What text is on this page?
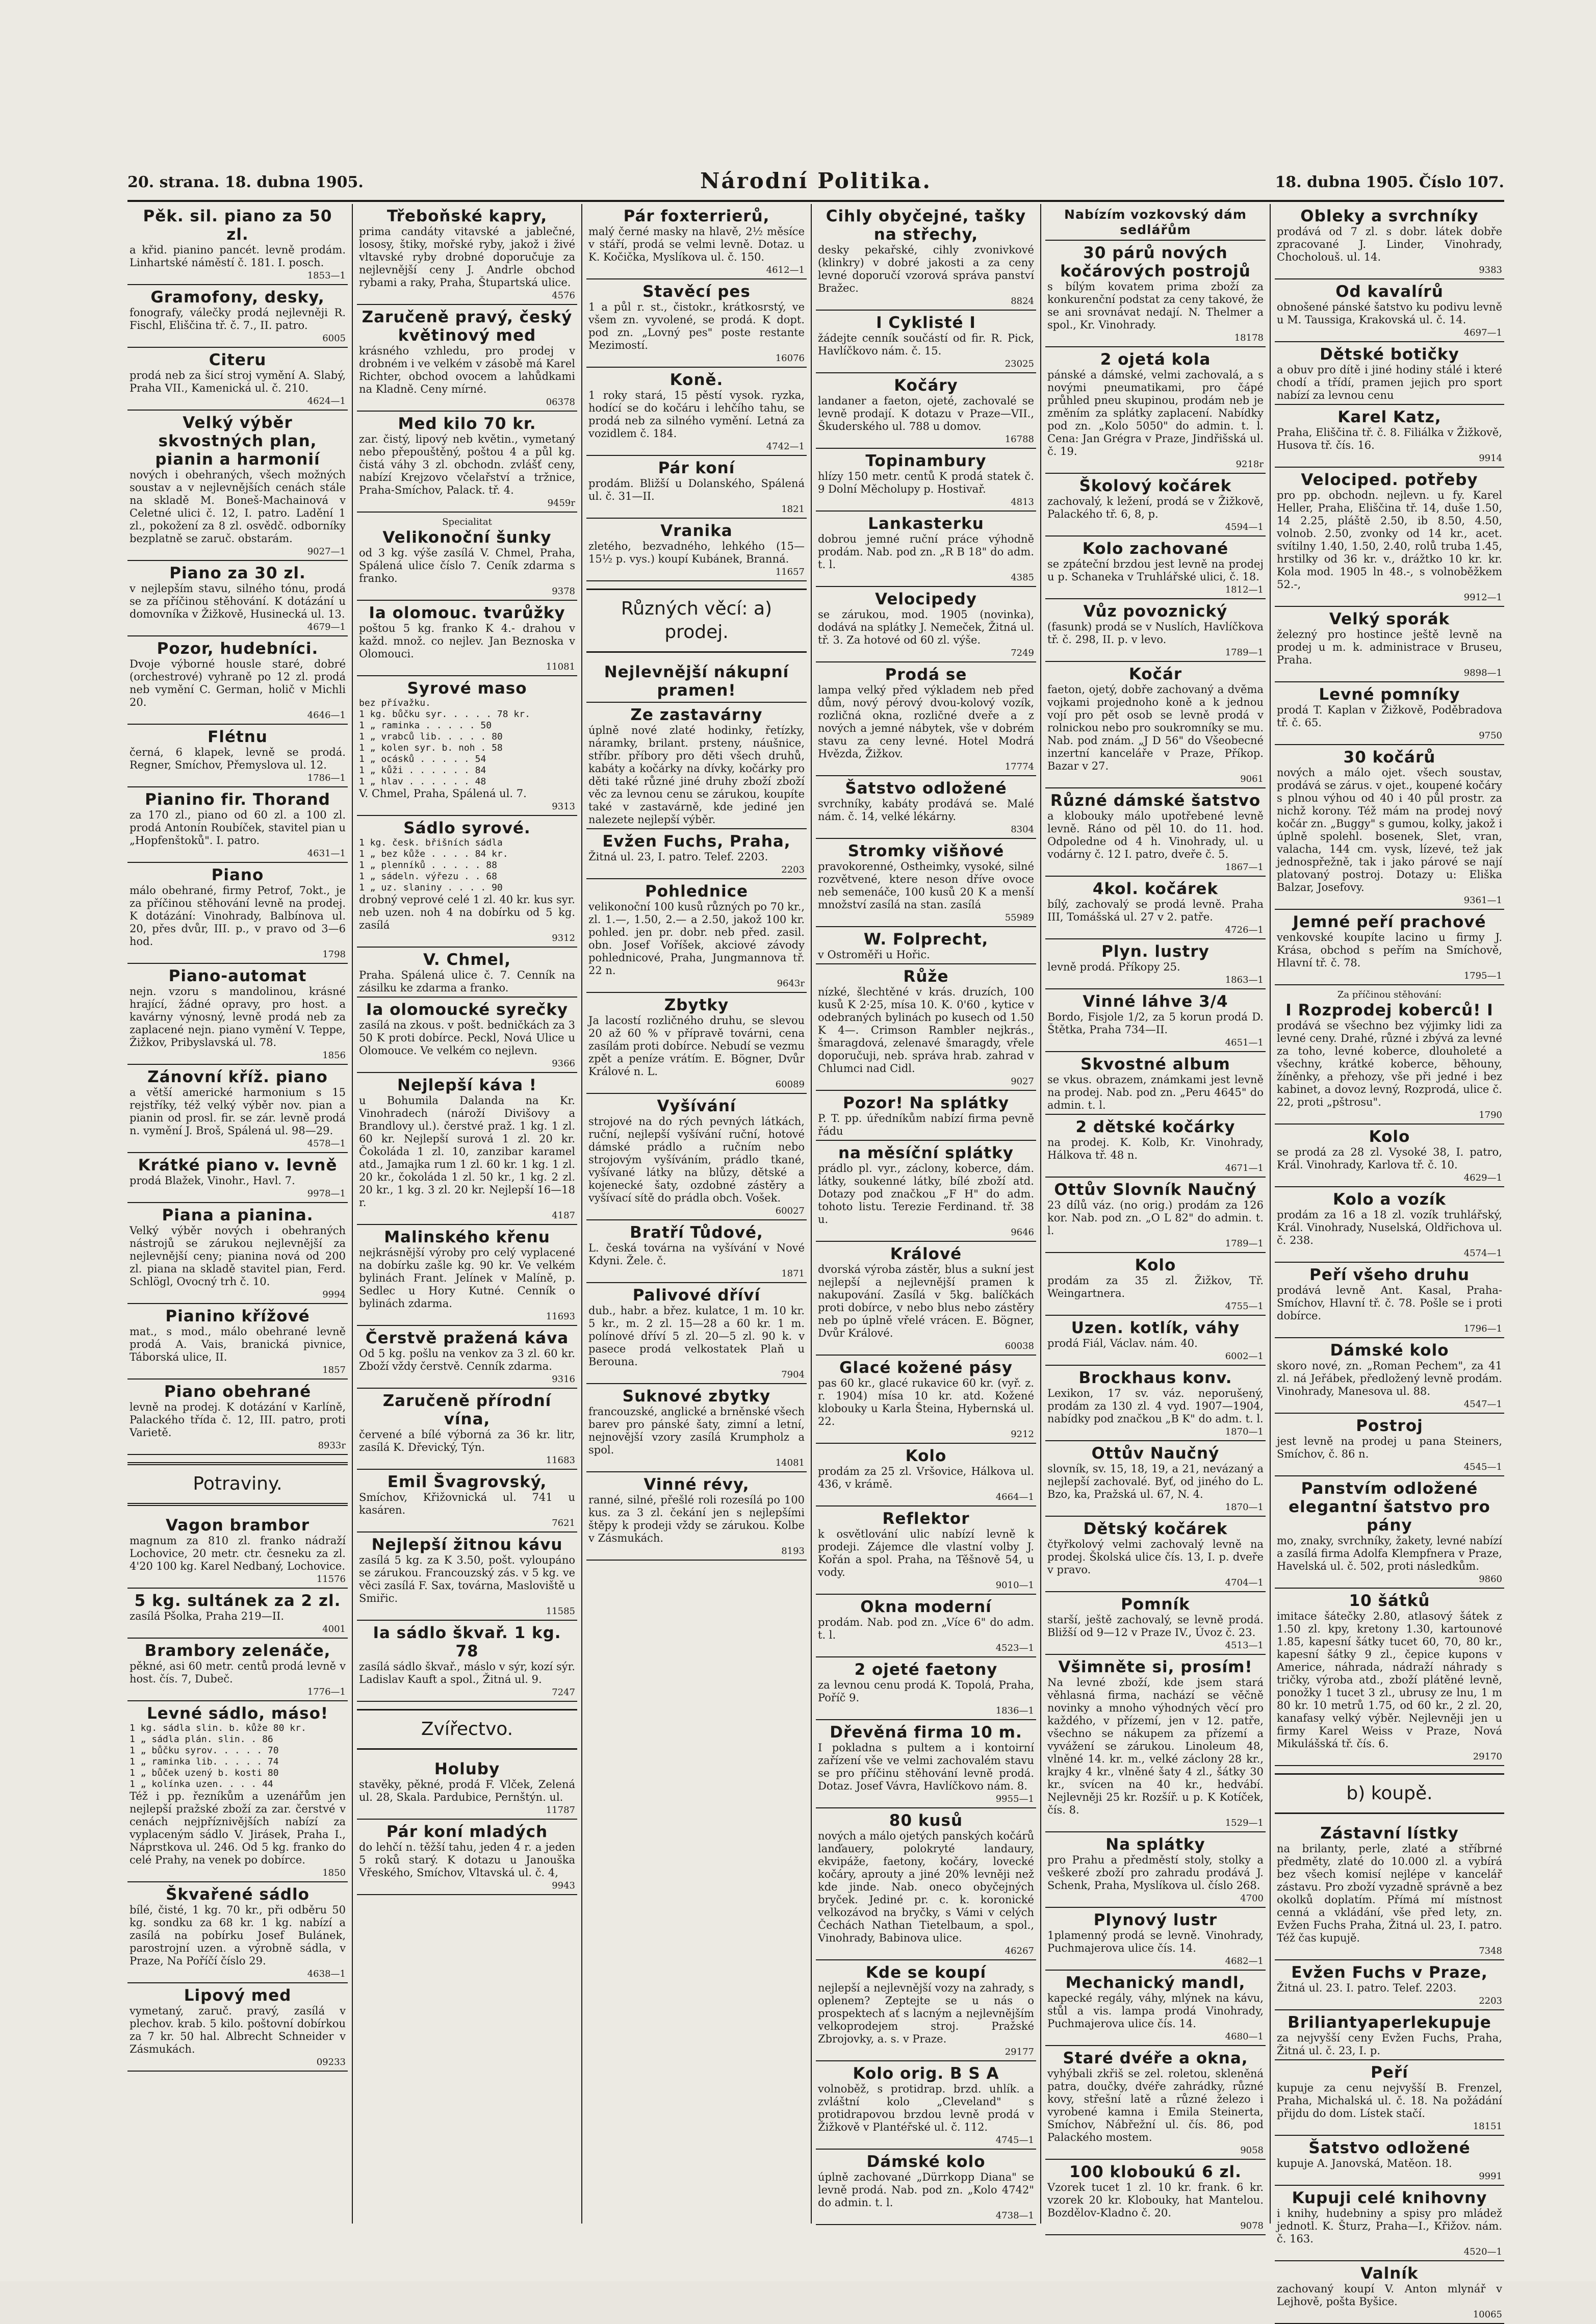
20. strana. 18. dubna 1905.	Národní Politika.	18. dubna 1905. Číslo 107.
Pěk. sil. piano za 50 zl.
a křid. pianino pancét. levně prodám. Linhartské náměstí č. 181. I. posch.
1853—1
Gramofony, desky,
fonografy, válečky prodá nejlevněji R. Fischl, Eliščina tř. č. 7., II. patro.
6005
Citeru
prodá neb za šicí stroj vymění A. Slabý, Praha VII., Kamenická ul. č. 210.
4624—1
Velký výběr skvostných plan, pianin a harmonií
nových i obehraných, všech možných soustav a v nejlevnějších cenách stále na skladě M. Boneš-Machainová v Celetné ulici č. 12, I. patro. Ladění 1 zl., pokožení za 8 zl. osvědč. odborníky bezplatně se zaruč. obstarám.
9027—1
Piano za 30 zl.
v nejlepším stavu, silného tónu, prodá se za příčinou stěhování. K dotázání u domovníka v Žižkově, Husinecká ul. 13.
4679—1
Pozor, hudebníci.
Dvoje výborné housle staré, dobré (orchestrové) vyhraně po 12 zl. prodá neb vymění C. German, holič v Michli 20.
4646—1
Flétnu
černá, 6 klapek, levně se prodá. Regner, Smíchov, Přemyslova ul. 12.
1786—1
Pianino fir. Thorand
za 170 zl., piano od 60 zl. a 100 zl. prodá Antonín Roubíček, stavitel pian u „Hopfenštoků". I. patro.
4631—1
Piano
málo obehrané, firmy Petrof, 7okt., je za příčinou stěhování levně na prodej. K dotázání: Vinohrady, Balbínova ul. 20, přes dvůr, III. p., v pravo od 3—6 hod.
1798
Piano-automat
nejn. vzoru s mandolinou, krásné hrající, žádné opravy, pro host. a kavárny výnosný, levně prodá neb za zaplacené nejn. piano vymění V. Teppe, Žižkov, Pribyslavská ul. 78.
1856
Zánovní kříž. piano
a větší americké harmonium s 15 rejstříky, též velký výběr nov. pian a pianin od prosl. fir. se zár. levně prodá n. vymění J. Broš, Spálená ul. 98—29.
4578—1
Krátké piano v. levně
prodá Blažek, Vinohr., Havl. 7.
9978—1
Piana a pianina.
Velký výběr nových i obehraných nástrojů se zárukou nejlevnější za nejlevnější ceny; pianina nová od 200 zl. piana na skladě stavitel pian, Ferd. Schlögl, Ovocný trh č. 10.
9994
Pianino křížové
mat., s mod., málo obehrané levně prodá A. Vais, branická pivnice, Táborská ulice, II.
1857
Piano obehrané
levně na prodej. K dotázání v Karlíně, Palackého třída č. 12, III. patro, proti Varietě.
8933r
Potraviny.
Vagon brambor
magnum za 810 zl. franko nádraží Lochovice, 20 metr. ctr. česneku za zl. 4'20 100 kg. Karel Nedbaný, Lochovice.
11576
5 kg. sultánek za 2 zl.
zasílá Pšolka, Praha 219—II.
4001
Brambory zelenáče,
pěkné, asi 60 metr. centů prodá levně v host. čís. 7, Dubeč.
1776—1
Levné sádlo, máso!
1 kg. sádla slin. b. kůže 80 kr.
1 „ sádla plán. slin. . 86
1 „ bůčku syrov. . . . . 70
1 „ raminka lib. . . . . 74
1 „ bůček uzený b. kosti 80
1 „ kolínka uzen. . . . 44
Též i pp. řezníkům a uzenářům jen nejlepší pražské zboží za zar. čerstvé v cenách nejpříznivějších nabízí za vyplaceným sádlo V. Jirásek, Praha I., Náprstkova ul. 246. Od 5 kg. franko do celé Prahy, na venek po dobírce.
1850
Škvařené sádlo
bílé, čisté, 1 kg. 70 kr., při odběru 50 kg. sondku za 68 kr. 1 kg. nabízí a zasílá na pobírku Josef Bulánek, parostrojní uzen. a výrobně sádla, v Praze, Na Poříčí číslo 29.
4638—1
Lipový med
vymetaný, zaruč. pravý, zasílá v plechov. krab. 5 kilo. poštovní dobírkou za 7 kr. 50 hal. Albrecht Schneider v Zásmukách.
09233
Třeboňské kapry,
prima candáty vitavské a jablečné, lososy, štiky, mořské ryby, jakož i živé vltavské ryby drobné doporučuje za nejlevnější ceny J. Andrle obchod rybami a raky, Praha, Štupartská ulice.
4576
Zaručeně pravý, český květinový med
krásného vzhledu, pro prodej v drobném i ve velkém v zásobě má Karel Richter, obchod ovocem a lahůdkami na Kladně. Ceny mírné.
06378
Med kilo 70 kr.
zar. čistý, lipový neb květin., vymetaný nebo přepouštěný, poštou 4 a půl kg. čistá váhy 3 zl. obchodn. zvlášť ceny, nabízí Krejzovo včelařství a tržnice, Praha-Smíchov, Palack. tř. 4.
9459r
Specialitat
Velikonoční šunky
od 3 kg. výše zasílá V. Chmel, Praha, Spálená ulice číslo 7. Ceník zdarma s franko.
9378
Ia olomouc. tvarůžky
poštou 5 kg. franko K 4.- drahou v každ. množ. co nejlev. Jan Beznoska v Olomouci.
11081
Syrové maso
bez přívažku.
1 kg. bůčku syr. . . . . 78 kr.
1 „ raminka . . . . . 50
1 „ vrabců lib. . . . . 80
1 „ kolen syr. b. noh . 58
1 „ ocásků . . . . . 54
1 „ kůži . . . . . . 84
1 „ hlav . . . . . . 48
V. Chmel, Praha, Spálená ul. 7.
9313
Sádlo syrové.
1 kg. česk. břišních sádla
1 „ bez kůže . . . . 84 kr.
1 „ plenníků . . . . . 88
1 „ sádeln. výřezu . . 68
1 „ uz. slaniny . . . . 90
drobný veprové celé 1 zl. 40 kr. kus syr. neb uzen. noh 4 na dobírku od 5 kg. zasílá
9312
V. Chmel,
Praha. Spálená ulice č. 7. Cenník na zásilku ke zdarma a franko.
Ia olomoucké syrečky
zasílá na zkous. v pošt. bedničkách za 3 50 K proti dobírce. Peckl, Nová Ulice u Olomouce. Ve velkém co nejlevn.
9366
Nejlepší káva !
u Bohumila Dalanda na Kr. Vinohradech (nároží Divišovy a Brandlovy ul.). čerstvé praž. 1 kg. 1 zl. 60 kr. Nejlepší surová 1 zl. 20 kr. Čokoláda 1 zl. 10, zanzibar karamel atd., Jamajka rum 1 zl. 60 kr. 1 kg. 1 zl. 20 kr., čokoláda 1 zl. 50 kr., 1 kg. 2 zl. 20 kr., 1 kg. 3 zl. 20 kr. Nejlepší 16—18 r.
4187
Malinského křenu
nejkrásnější výroby pro celý vyplacené na dobírku zašle kg. 90 kr. Ve velkém bylinách Frant. Jelínek v Malíně, p. Sedlec u Hory Kutné. Cenník o bylinách zdarma.
11693
Čerstvě pražená káva
Od 5 kg. pošlu na venkov za 3 zl. 60 kr. Zboží vždy čerstvě. Cenník zdarma.
9316
Zaručeně přírodní vína,
červené a bílé výborná za 36 kr. litr, zasílá K. Dřevický, Týn.
11683
Emil Švagrovský,
Smíchov, Křižovnická ul. 741 u kasáren.
7621
Nejlepší žitnou kávu
zasílá 5 kg. za K 3.50, pošt. vyloupáno se zárukou. Francouzský zás. v 5 kg. ve věci zasílá F. Sax, továrna, Masloviště u Smiřic.
11585
Ia sádlo škvař. 1 kg. 78
zasílá sádlo škvař., máslo v sýr, kozí sýr. Ladislav Kauft a spol., Žitná ul. 9.
7247
Zvířectvo.
Holuby
stavěky, pěkné, prodá F. Vlček, Zelená ul. 28, Skala. Pardubice, Pernštýn. ul.
11787
Pár koní mladých
do lehčí n. těžší tahu, jeden 4 r. a jeden 5 roků starý. K dotazu u Janouška Vřeského, Smíchov, Vltavská ul. č. 4,
9943
Pár foxterrierů,
malý černé masky na hlavě, 2½ měsíce v stáří, prodá se velmi levně. Dotaz. u K. Kočička, Myslíkova ul. č. 150.
4612—1
Stavěcí pes
1 a půl r. st., čistokr., krátkosrstý, ve všem zn. vyvolené, se prodá. K dopt. pod zn. „Lovný pes" poste restante Mezimostí.
16076
Koně.
1 roky stará, 15 pěstí vysok. ryzka, hodící se do kočáru i lehčího tahu, se prodá neb za silného vymění. Letná za vozidlem č. 184.
4742—1
Pár koní
prodám. Bližší u Dolanského, Spálená ul. č. 31—II.
1821
Vranika
zletého, bezvadného, lehkého (15—15½ p. vys.) koupí Kubánek, Branná.
11657
Různých věcí: a) prodej.
Nejlevnější nákupní pramen!
Ze zastavárny
úplně nové zlaté hodinky, řetízky, náramky, brilant. prsteny, náušnice, stříbr. příbory pro děti všech druhů, kabáty a kočárky na dívky, kočárky pro děti také různé jiné druhy zboží zboží věc za levnou cenu se zárukou, koupíte také v zastavárně, kde jediné jen nalezete nejlepší výběr.
Evžen Fuchs, Praha,
Žitná ul. 23, I. patro. Telef. 2203.
2203
Pohlednice
velikonoční 100 kusů různých po 70 kr., zl. 1.—, 1.50, 2.— a 2.50, jakož 100 kr. pohled. jen pr. dobr. neb před. zasil. obn. Josef Voříšek, akciové závody pohlednicové, Praha, Jungmannova tř. 22 n.
9643r
Zbytky
Ja lacostí rozličného druhu, se slevou 20 až 60 % v přípravě továrni, cena zasílám proti dobírce. Nebudí se vezmu zpět a peníze vrátím. E. Bögner, Dvůr Králové n. L.
60089
Vyšívání
strojové na do rých pevných látkách, ruční, nejlepší vyšívání ruční, hotové dámské prádlo a ručním nebo strojovým vyšíváním, prádlo tkané, vyšívané látky na blůzy, dětské a kojenecké šaty, ozdobné zástěry a vyšívací sítě do prádla obch. Vošek.
60027
Bratří Tůdové,
L. česká továrna na vyšívání v Nové Kdyni. Žele. č.
1871
Palivové dříví
dub., habr. a břez. kulatce, 1 m. 10 kr. 5 kr., m. 2 zl. 15—28 a 60 kr. 1 m. polínové dříví 5 zl. 20—5 zl. 90 k. v pasece prodá velkostatek Plaň u Berouna.
7904
Suknové zbytky
francouzské, anglické a brněnské všech barev pro pánské šaty, zimní a letní, nejnovější vzory zasílá Krumpholz a spol.
14081
Vinné révy,
ranné, silné, přešlé roli rozesílá po 100 kus. za 3 zl. čekání jen s nejlepšími štěpy k prodeji vždy se zárukou. Kolbe v Zásmukách.
8193
Cihly obyčejné, tašky na střechy,
desky pekařské, cihly zvonivkové (klinkry) v dobré jakosti a za ceny levné doporučí vzorová správa panství Bražec.
8824
I Cyklisté I
žádejte cenník součástí od fir. R. Pick, Havlíčkovo nám. č. 15.
23025
Kočáry
landaner a faeton, ojeté, zachovalé se levně prodají. K dotazu v Praze—VII., Škuderského ul. 788 u domov.
16788
Topinambury
hlízy 150 metr. centů K prodá statek č. 9 Dolní Měcholupy p. Hostivař.
4813
Lankasterku
dobrou jemné ruční práce výhodně prodám. Nab. pod zn. „R B 18" do adm. t. l.
4385
Velocipedy
se zárukou, mod. 1905 (novinka), dodává na splátky J. Nemeček, Žitná ul. tř. 3. Za hotové od 60 zl. výše.
7249
Prodá se
lampa velký před výkladem neb před dům, nový pérový dvou-kolový vozík, rozličná okna, rozličné dveře a z nových a jemné nábytek, vše v dobrém stavu za ceny levné. Hotel Modrá Hvězda, Žižkov.
17774
Šatstvo odložené
svrchníky, kabáty prodává se. Malé nám. č. 14, velké lékárny.
8304
Stromky višňové
pravokorenné, Ostheimky, vysoké, silné rozvětvené, ktere neson dříve ovoce neb semenáče, 100 kusů 20 K a menší množství zasílá na stan. zasílá
55989
W. Folprecht,
v Ostroměři u Hořic.
Růže
nízké, šlechtěné v krás. druzích, 100 kusů K 2·25, mísa 10. K. 0'60 , kytice v odebraných bylinách po kusech od 1.50 K 4—. Crimson Rambler nejkrás., šmaragdová, zelenavé šmaragdy, vřele doporučuji, neb. správa hrab. zahrad v Chlumci nad Cidl.
9027
Pozor! Na splátky
P. T. pp. úředníkům nabízí firma pevně řádu
na měsíční splátky
prádlo pl. vyr., záclony, koberce, dám. látky, soukenné látky, bílé zboží atd. Dotazy pod značkou „F H" do adm. tohoto listu. Terezie Ferdinand. tř. 38 u.
9646
Králové
dvorská výroba zástěr, blus a sukní jest nejlepší a nejlevnější pramen k nakupování. Zasílá v 5kg. balíčkách proti dobírce, v nebo blus nebo zástěry neb po úplně vřelé vrácen. E. Bögner, Dvůr Králové.
60038
Glacé kožené pásy
pas 60 kr., glacé rukavice 60 kr. (vyř. z. r. 1904) mísa 10 kr. atd. Kožené klobouky u Karla Šteina, Hybernská ul. 22.
9212
Kolo
prodám za 25 zl. Vršovice, Hálkova ul. 436, v krámě.
4664—1
Reflektor
k osvětlování ulic nabízí levně k prodeji. Zájemce dle vlastní volby J. Kořán a spol. Praha, na Těšnově 54, u vody.
9010—1
Okna moderní
prodám. Nab. pod zn. „Více 6" do adm. t. l.
4523—1
2 ojeté faetony
za levnou cenu prodá K. Topolá, Praha, Poříč 9.
1836—1
Dřevěná firma 10 m.
I pokladna s pultem a i kontoirní zařízení vše ve velmi zachovalém stavu se pro příčinu stěhování levně prodá. Dotaz. Josef Vávra, Havlíčkovo nám. 8.
9955—1
80 kusů
nových a málo ojetých panských kočárů lanďauery, polokryté landaury, ekvipáže, faetony, kočáry, lovecké kočáry, aprouty a jiné 20% levněji než kde jinde. Nab. oneco obyčejných bryček. Jediné pr. c. k. koronické velkozávod na bryčky, s Vámi v celých Čechách Nathan Tietelbaum, a spol., Vinohrady, Babinova ulice.
46267
Kde se koupí
nejlepší a nejlevnější vozy na zahrady, s oplenem? Zeptejte se u nás o prospektech ať s lacným a nejlevnějším velkoprodejem stroj. Pražské Zbrojovky, a. s. v Praze.
29177
Kolo orig. B S A
volnoběž, s protidrap. brzd. uhlík. a zvláštní kolo „Cleveland" s protidrapovou brzdou levně prodá v Žižkově v Plantéřské ul. č. 112.
4745—1
Dámské kolo
úplně zachované „Dürrkopp Diana" se levně prodá. Nab. pod zn. „Kolo 4742" do admin. t. l.
4738—1
Nabízím vozkovský dám sedlářům
30 párů nových kočárových postrojů
s bílým kovatem prima zboží za konkurenční podstat za ceny takové, že se ani srovnávat nedají. N. Thelmer a spol., Kr. Vinohrady.
18178
2 ojetá kola
pánské a dámské, velmi zachovalá, a s novými pneumatikami, pro čápé průhled pneu skupinou, prodám neb je změním za splátky zaplacení. Nabídky pod zn. „Kolo 5050" do admin. t. l. Cena: Jan Grégra v Praze, Jindřišská ul. č. 19.
9218r
Školový kočárek
zachovalý, k ležení, prodá se v Žižkově, Palackého tř. 6, 8, p.
4594—1
Kolo zachované
se zpáteční brzdou jest levně na prodej u p. Schaneka v Truhlářské ulici, č. 18.
1812—1
Vůz povoznický
(fasunk) prodá se v Nuslích, Havlíčkova tř. č. 298, II. p. v levo.
1789—1
Kočár
faeton, ojetý, dobře zachovaný a dvěma vojkami projednoho koně a k jednou vojí pro pět osob se levně prodá v rolnickou nebo pro soukromníky se mu. Nab. pod znám. „J D 56" do Všeobecné inzertní kanceláře v Praze, Příkop. Bazar v 27.
9061
Různé dámské šatstvo
a klobouky málo upotřebené levně levně. Ráno od pěl 10. do 11. hod. Odpoledne od 4 h. Vinohrady, ul. u vodárny č. 12 I. patro, dveře č. 5.
1867—1
4kol. kočárek
bílý, zachovalý se prodá levně. Praha III, Tomášská ul. 27 v 2. patře.
4726—1
Plyn. lustry
levně prodá. Příkopy 25.
1863—1
Vinné láhve 3/4
Bordo, Fisjole 1/2, za 5 korun prodá D. Štětka, Praha 734—II.
4651—1
Skvostné album
se vkus. obrazem, známkami jest levně na prodej. Nab. pod zn. „Peru 4645" do admin. t. l.
2 dětské kočárky
na prodej. K. Kolb, Kr. Vinohrady, Hálkova tř. 48 n.
4671—1
Ottův Slovník Naučný
23 dílů váz. (no orig.) prodám za 126 kor. Nab. pod zn. „O L 82" do admin. t. l.
1789—1
Kolo
prodám za 35 zl. Žižkov, Tř. Weingartnera.
4755—1
Uzen. kotlík, váhy
prodá Fiál, Václav. nám. 40.
6002—1
Brockhaus konv.
Lexikon, 17 sv. váz. neporušený, prodám za 130 zl. 4 vyd. 1907—1904, nabídky pod značkou „B K" do adm. t. l.
1870—1
Ottův Naučný
slovník, sv. 15, 18, 19, a 21, nevázaný a nejlepší zachovalé. Byť, od jiného do L. Bzo, ka, Pražská ul. 67, N. 4.
1870—1
Dětský kočárek
čtyřkolový velmi zachovalý levně na prodej. Školská ulice čís. 13, I. p. dveře v pravo.
4704—1
Pomník
starší, ještě zachovalý, se levně prodá. Bližší od 9—12 v Praze IV., Úvoz č. 23.
4513—1
Všimněte si, prosím!
Na levné zboží, kde jsem stará věhlasná firma, nachází se věčně novinky a mnoho výhodných věcí pro každého, v přízemí, jen v 12. patře, všechno se nákupem za přízemí a vyvážení se zárukou. Linoleum 48, vlněné 14. kr. m., velké záclony 28 kr., krajky 4 kr., vlněné šaty 4 zl., šátky 30 kr., svícen na 40 kr., hedvábí. Nejlevněji 25 kr. Rozšíř. u p. K Kotíček, čís. 8.
1529—1
Na splátky
pro Prahu a předměstí stoly, stolky a veškeré zboží pro zahradu prodává J. Schenk, Praha, Myslíkova ul. číslo 268.
4700
Plynový lustr
1plamenný prodá se levně. Vinohrady, Puchmajerova ulice čís. 14.
4682—1
Mechanický mandl,
kapecké regály, váhy, mlýnek na kávu, stůl a vis. lampa prodá Vinohrady, Puchmajerova ulice čís. 14.
4680—1
Staré dvéře a okna,
vyhýbali zkřiš se zel. roletou, skleněná patra, doučky, dvéře zahrádky, různé kovy, střešní latě a různé železo i vyrobené kamna i Emila Steinerta, Smíchov, Nábřežní ul. čís. 86, pod Palackého mostem.
9058
100 kloboukú 6 zl.
Vzorek tucet 1 zl. 10 kr. frank. 6 kr. vzorek 20 kr. Klobouky, hat Mantelou. Bozdělov-Kladno č. 20.
9078
Obleky a svrchníky
prodává od 7 zl. s dobr. látek dobře zpracované J. Linder, Vinohrady, Chocholouš. ul. 14.
9383
Od kavalírů
obnošené pánské šatstvo ku podivu levně u M. Taussiga, Krakovská ul. č. 14.
4697—1
Dětské botičky
a obuv pro dítě i jiné hodiny stálé i které chodí a třídí, pramen jejich pro sport nabízí za levnou cenu
Karel Katz,
Praha, Eliščina tř. č. 8. Filiálka v Žižkově, Husova tř. čís. 16.
9914
Velociped. potřeby
pro pp. obchodn. nejlevn. u fy. Karel Heller, Praha, Eliščina tř. 14, duše 1.50, 14 2.25, pláště 2.50, ib 8.50, 4.50, volnob. 2.50, zvonky od 14 kr., acet. svítilny 1.40, 1.50, 2.40, rolů truba 1.45, hrstilky od 36 kr. v., drážtko 10 kr. kr. Kola mod. 1905 ln 48.-, s volnoběžkem 52.-,
9912—1
Velký sporák
železný pro hostince ještě levně na prodej u m. k. administrace v Bruseu, Praha.
9898—1
Levné pomníky
prodá T. Kaplan v Žižkově, Poděbradova tř. č. 65.
9750
30 kočárů
nových a málo ojet. všech soustav, prodává se zárus. v ojet., koupené kočáry s plnou výhou od 40 i 40 půl prostr. za nichž korony. Též mám na prodej nový kočár zn. „Buggy" s gumou, kolky, jakož i úplně spolehl. bosenek, Slet, vran, valacha, 144 cm. vysk, lízevé, tež jak jednospřežně, tak i jako párové se nají platovaný postroj. Dotazy u: Eliška Balzar, Josefovy.
9361—1
Jemné peří prachové
venkovské koupíte lacino u firmy J. Krása, obchod s peřím na Smíchově, Hlavní tř. č. 78.
1795—1
Za příčinou stěhování:
I Rozprodej koberců! I
prodává se všechno bez výjimky lidi za levné ceny. Drahé, různé i zbývá za levné za toho, levné koberce, dlouholeté a všechny, krátké koberce, běhouny, žíněnky, a přehozy, vše při jedné i bez kabinet, a dovoz levný, Rozprodá, ulice č. 22, proti „pštrosu".
1790
Kolo
se prodá za 28 zl. Vysoké 38, I. patro, Král. Vinohrady, Karlova tř. č. 10.
4629—1
Kolo a vozík
prodám za 16 a 18 zl. vozík truhlářský, Král. Vinohrady, Nuselská, Oldřichova ul. č. 238.
4574—1
Peří všeho druhu
prodává levně Ant. Kasal, Praha-Smíchov, Hlavní tř. č. 78. Pošle se i proti dobírce.
1796—1
Dámské kolo
skoro nové, zn. „Roman Pechem", za 41 zl. ná Jeřábek, předložený levně prodám. Vinohrady, Manesova ul. 88.
4547—1
Postroj
jest levně na prodej u pana Steiners, Smíchov, č. 86 n.
4545—1
Panstvím odložené elegantní šatstvo pro pány
mo, znaky, svrchníky, žakety, levné nabízí a zasílá firma Adolfa Klempfnera v Praze, Havelská ul. č. 502, proti následkům.
9860
10 šátků
imitace šátečky 2.80, atlasový šátek z 1.50 zl. kpy, kretony 1.30, kartounové 1.85, kapesní šátky tucet 60, 70, 80 kr., kapesní šátky 9 zl., čepice kupons v Americe, náhrada, nádraží náhrady s tričky, výroba atd., zboží plátěné levně, ponožky 1 tucet 3 zl., ubrusy ze lnu, 1 m 80 kr. 10 metrů 1.75, od 60 kr., 2 zl. 20, kanafasy velký výběr. Nejlevněji jen u firmy Karel Weiss v Praze, Nová Mikulášská tř. čís. 6.
29170
b) koupě.
Zástavní lístky
na brilanty, perle, zlaté a stříbrné předměty, zlaté do 10.000 zl. a vybírá bez všech komisí nejlépe v kancelář zástavu. Pro zboží vyzadně správně a bez okolků doplatím. Přímá mí místnost cenná a vkládání, vše před lety, zn. Evžen Fuchs Praha, Žitná ul. 23, I. patro. Též čas kupujě.
7348
Evžen Fuchs v Praze,
Žitná ul. 23. I. patro. Telef. 2203.
2203
Briliantyaperlekupuje
za nejvyšší ceny Evžen Fuchs, Praha, Žitná ul. č. 23, I. p.
Peří
kupuje za cenu nejvyšší B. Frenzel, Praha, Michalská ul. č. 18. Na požádání přijdu do dom. Lístek stačí.
18151
Šatstvo odložené
kupuje A. Janovská, Matěon. 18.
9991
Kupuji celé knihovny
i knihy, hudebniny a spisy pro mládež jednotl. K. Šturz, Praha—I., Křižov. nám. č. 163.
4520—1
Valník
zachovaný koupí V. Anton mlynář v Lejhově, pošta Byšice.
10065
